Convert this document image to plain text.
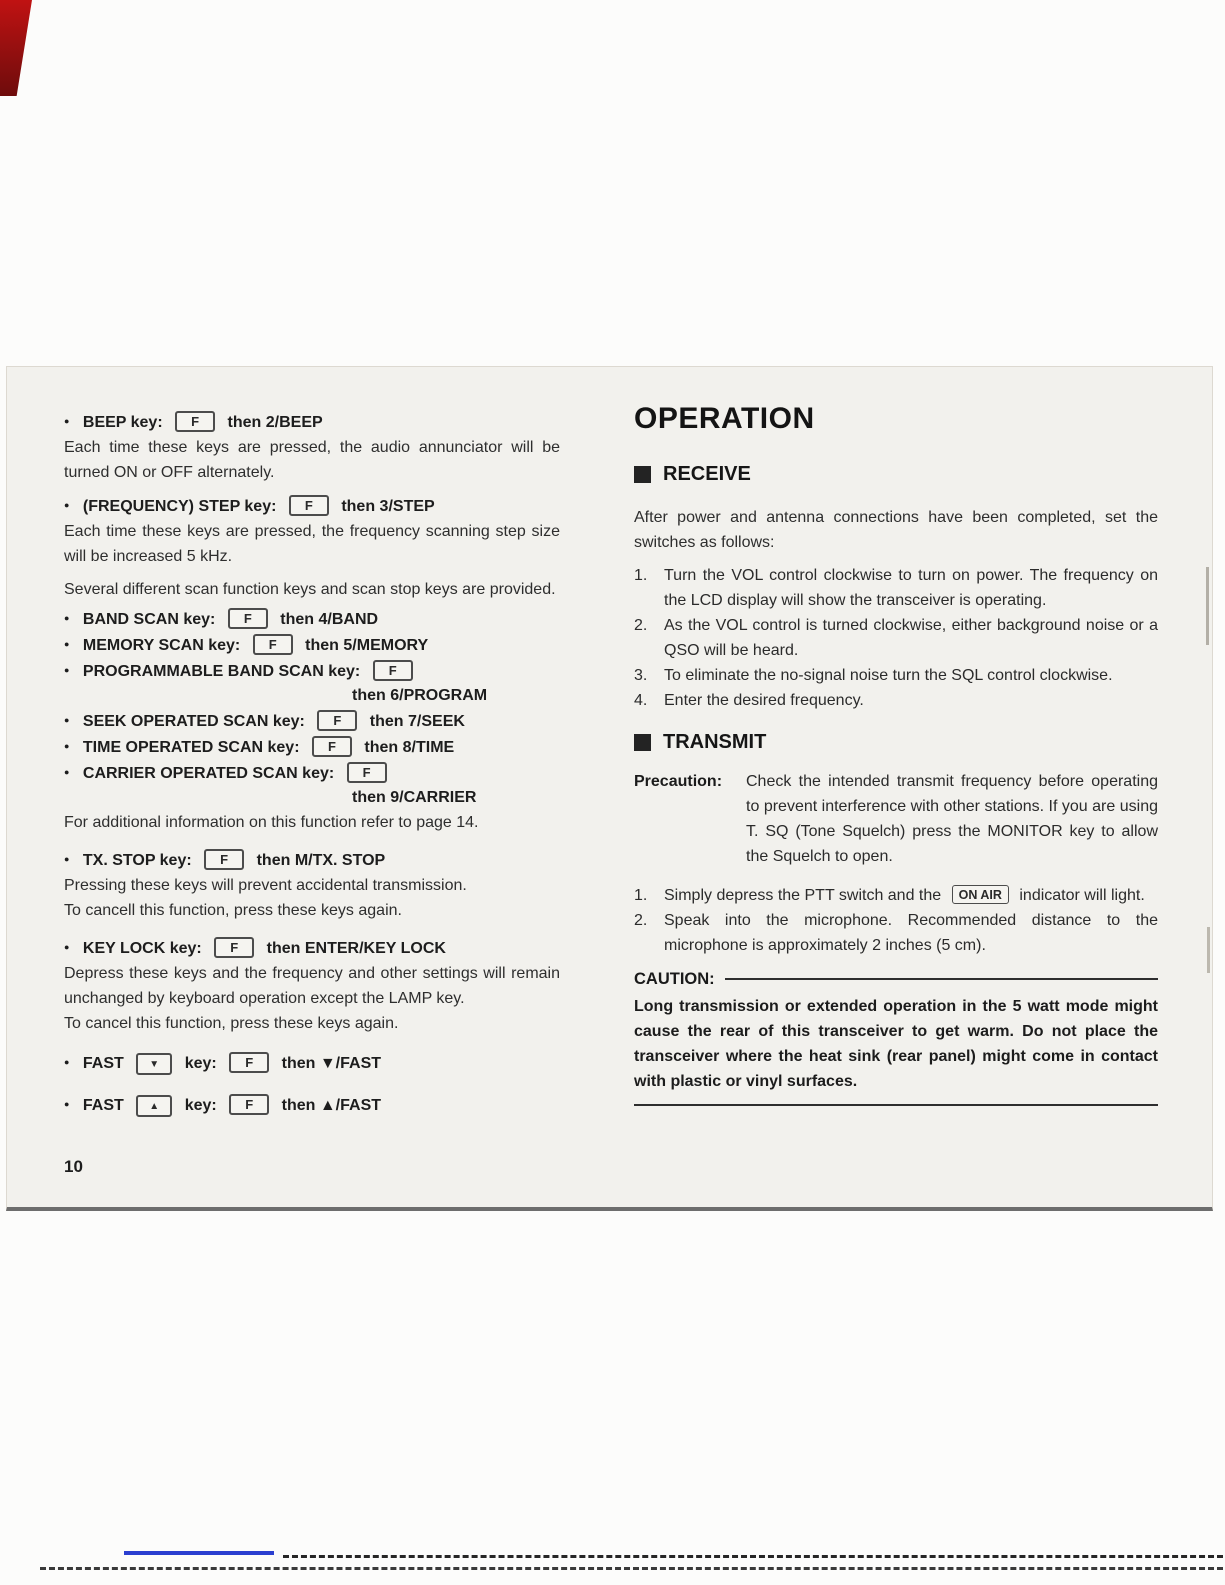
● BEEP key: F then 2/BEEP

Each time these keys are pressed, the audio annunciator will be turned ON or OFF alternately.

● (FREQUENCY) STEP key: F then 3/STEP

Each time these keys are pressed, the frequency scanning step size will be increased 5 kHz.

Several different scan function keys and scan stop keys are provided.

● BAND SCAN key: F then 4/BAND
● MEMORY SCAN key: F then 5/MEMORY
● PROGRAMMABLE BAND SCAN key: F
then 6/PROGRAM
● SEEK OPERATED SCAN key: F then 7/SEEK
● TIME OPERATED SCAN key: F then 8/TIME
● CARRIER OPERATED SCAN key: F
then 9/CARRIER

For additional information on this function refer to page 14.

● TX. STOP key: F then M/TX. STOP

Pressing these keys will prevent accidental transmission.

To cancell this function, press these keys again.

● KEY LOCK key: F then ENTER/KEY LOCK

Depress these keys and the frequency and other settings will remain unchanged by keyboard operation except the LAMP key.

To cancel this function, press these keys again.

● FAST	▼ key: F then ▼/FAST
● FAST	▲ key: F then ▲/FAST
OPERATION
RECEIVE

After power and antenna connections have been completed, set the switches as follows:

1.	Turn the VOL control clockwise to turn on power. The frequency on the LCD display will show the transceiver is operating.
2.	As the VOL control is turned clockwise, either background noise or a QSO will be heard.
3.	To eliminate the no-signal noise turn the SQL control clockwise.
4.	Enter the desired frequency.
TRANSMIT
Precaution:	Check the intended transmit frequency before operating to prevent interference with other stations. If you are using T. SQ (Tone Squelch) press the MONITOR key to allow the Squelch to open.
1.	Simply depress the PTT switch and the ON AIR indicator will light.
2.	Speak into the microphone. Recommended distance to the microphone is approximately 2 inches (5 cm).
CAUTION:

Long transmission or extended operation in the 5 watt mode might cause the rear of this transceiver to get warm. Do not place the transceiver where the heat sink (rear panel) might come in contact with plastic or vinyl surfaces.

10
